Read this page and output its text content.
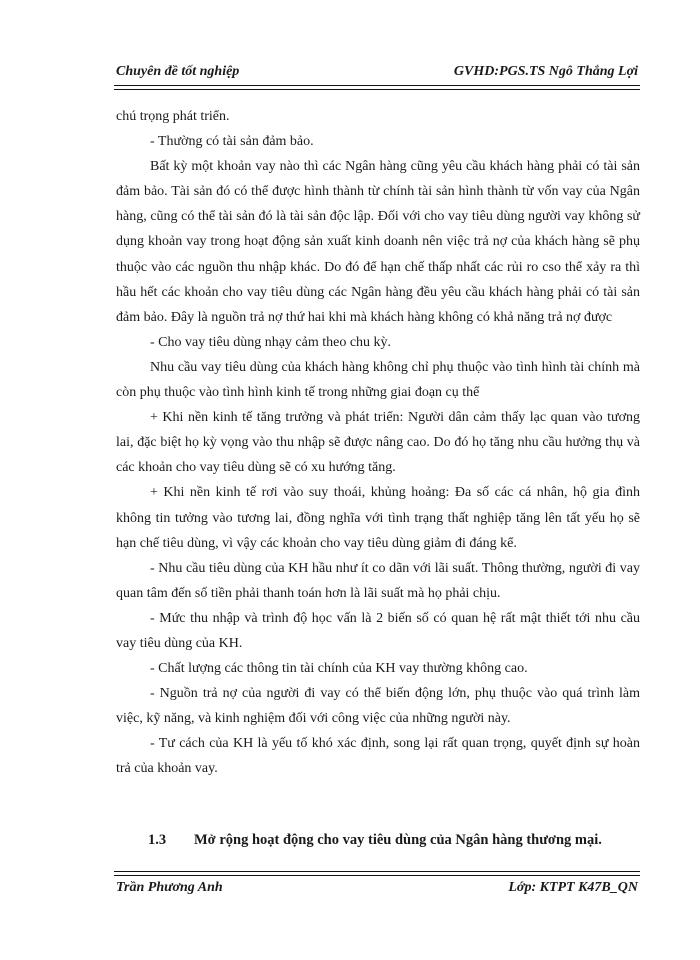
Chuyên đề tốt nghiệp	GVHD:PGS.TS Ngô Thắng Lợi

chú trọng phát triển.

- Thường có tài sản đảm bảo.

Bất kỳ một khoản vay nào thì các Ngân hàng cũng yêu cầu khách hàng phải có tài sản đảm bảo. Tài sản đó có thể được hình thành từ chính tài sản hình thành từ vốn vay của Ngân hàng, cũng có thể tài sản đó là tài sản độc lập. Đối với cho vay tiêu dùng người vay không sử dụng khoản vay trong hoạt động sản xuất kinh doanh nên việc trả nợ của khách hàng sẽ phụ thuộc vào các nguồn thu nhập khác. Do đó để hạn chế thấp nhất các rủi ro cso thể xảy ra thì hầu hết các khoản cho vay tiêu dùng các Ngân hàng đều yêu cầu khách hàng phải có tài sản đảm bảo. Đây là nguồn trả nợ thứ hai khi mà khách hàng không có khả năng trả nợ được

- Cho vay tiêu dùng nhạy cảm theo chu kỳ.

Nhu cầu vay tiêu dùng của khách hàng không chỉ phụ thuộc vào tình hình tài chính mà còn phụ thuộc vào tình hình kinh tế trong những giai đoạn cụ thể

+ Khi nền kinh tế tăng trưởng và phát triển: Người dân cảm thấy lạc quan vào tương lai, đặc biệt họ kỳ vọng vào thu nhập sẽ được nâng cao. Do đó họ tăng nhu cầu hưởng thụ và các khoản cho vay tiêu dùng sẽ có xu hướng tăng.

+ Khi nền kinh tế rơi vào suy thoái, khủng hoảng: Đa số các cá nhân, hộ gia đình không tin tưởng vào tương lai, đồng nghĩa với tình trạng thất nghiệp tăng lên tất yếu họ sẽ hạn chế tiêu dùng, vì vậy các khoản cho vay tiêu dùng giảm đi đáng kể.

- Nhu cầu tiêu dùng của KH hầu như ít co dãn với lãi suất. Thông thường, người đi vay quan tâm đến số tiền phải thanh toán hơn là lãi suất mà họ phải chịu.

- Mức thu nhập và trình độ học vấn là 2 biến số có quan hệ rất mật thiết tới nhu cầu vay tiêu dùng của KH.

- Chất lượng các thông tin tài chính của KH vay thường không cao.

- Nguồn trả nợ của người đi vay có thể biến động lớn, phụ thuộc vào quá trình làm việc, kỹ năng, và kinh nghiệm đối với công việc của những người này.

- Tư cách của KH là yếu tố khó xác định, song lại rất quan trọng, quyết định sự hoàn trả của khoản vay.

1.3 Mở rộng hoạt động cho vay tiêu dùng của Ngân hàng thương mại.
Trần Phương Anh	Lớp: KTPT K47B_QN
